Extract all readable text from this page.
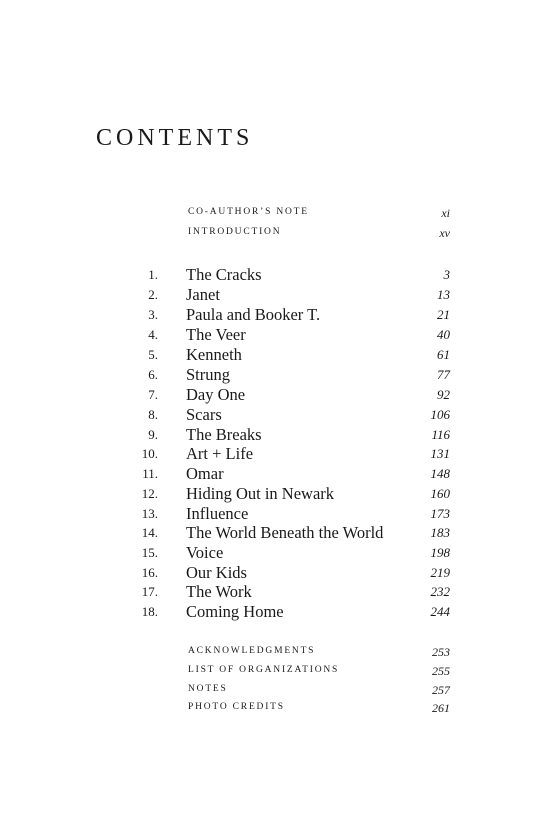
CONTENTS
CO-AUTHOR’S NOTE	xi
INTRODUCTION	xv
1. The Cracks	3
2. Janet	13
3. Paula and Booker T.	21
4. The Veer	40
5. Kenneth	61
6. Strung	77
7. Day One	92
8. Scars	106
9. The Breaks	116
10. Art + Life	131
11. Omar	148
12. Hiding Out in Newark	160
13. Influence	173
14. The World Beneath the World	183
15. Voice	198
16. Our Kids	219
17. The Work	232
18. Coming Home	244
ACKNOWLEDGMENTS	253
LIST OF ORGANIZATIONS	255
NOTES	257
PHOTO CREDITS	261
